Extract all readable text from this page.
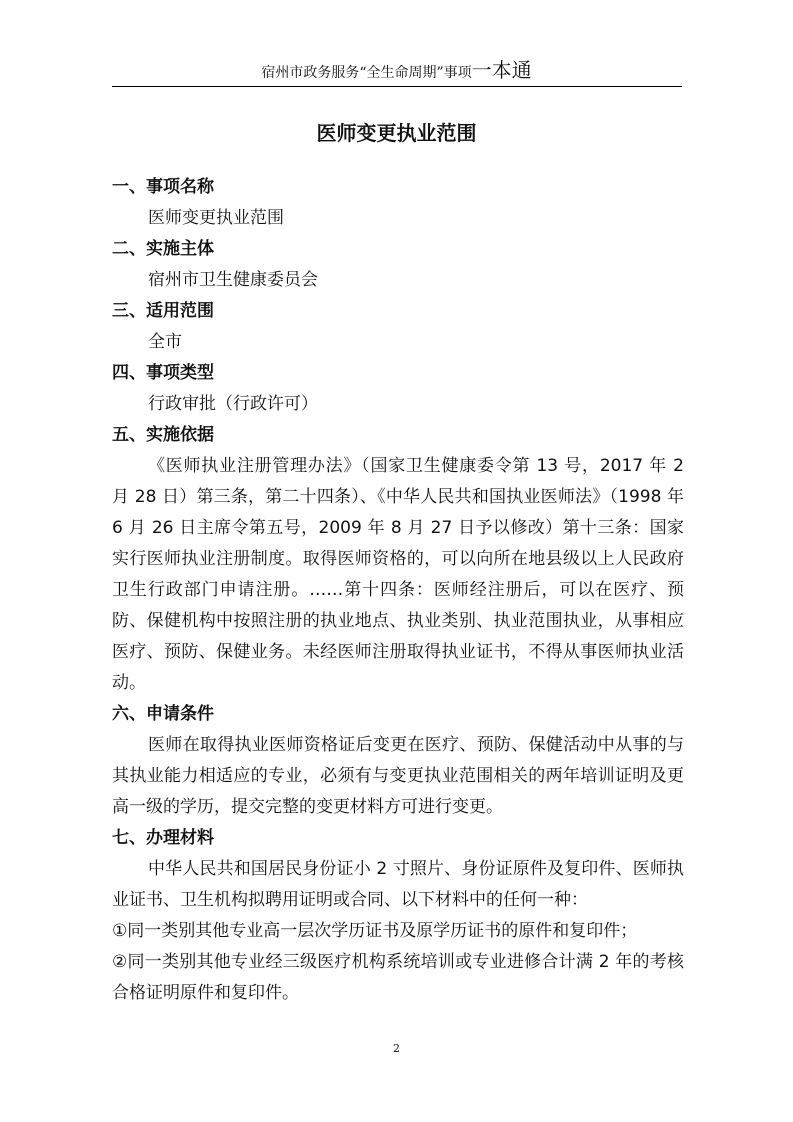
宿州市政务服务“全生命周期”事项一本通
医师变更执业范围
一、事项名称
医师变更执业范围
二、实施主体
宿州市卫生健康委员会
三、适用范围
全市
四、事项类型
行政审批（行政许可）
五、实施依据
《医师执业注册管理办法》（国家卫生健康委令第 13 号，2017 年 2 月 28 日）第三条，第二十四条）、《中华人民共和国执业医师法》（1998 年 6 月 26 日主席令第五号，2009 年 8 月 27 日予以修改）第十三条：国家实行医师执业注册制度。取得医师资格的，可以向所在地县级以上人民政府卫生行政部门申请注册。……第十四条：医师经注册后，可以在医疗、预防、保健机构中按照注册的执业地点、执业类别、执业范围执业，从事相应医疗、预防、保健业务。未经医师注册取得执业证书，不得从事医师执业活动。
六、申请条件
医师在取得执业医师资格证后变更在医疗、预防、保健活动中从事的与其执业能力相适应的专业，必须有与变更执业范围相关的两年培训证明及更高一级的学历，提交完整的变更材料方可进行变更。
七、办理材料
中华人民共和国居民身份证小 2 寸照片、身份证原件及复印件、医师执业证书、卫生机构拟聘用证明或合同、以下材料中的任何一种：
①同一类别其他专业高一层次学历证书及原学历证书的原件和复印件；
②同一类别其他专业经三级医疗机构系统培训或专业进修合计满 2 年的考核合格证明原件和复印件。
2
